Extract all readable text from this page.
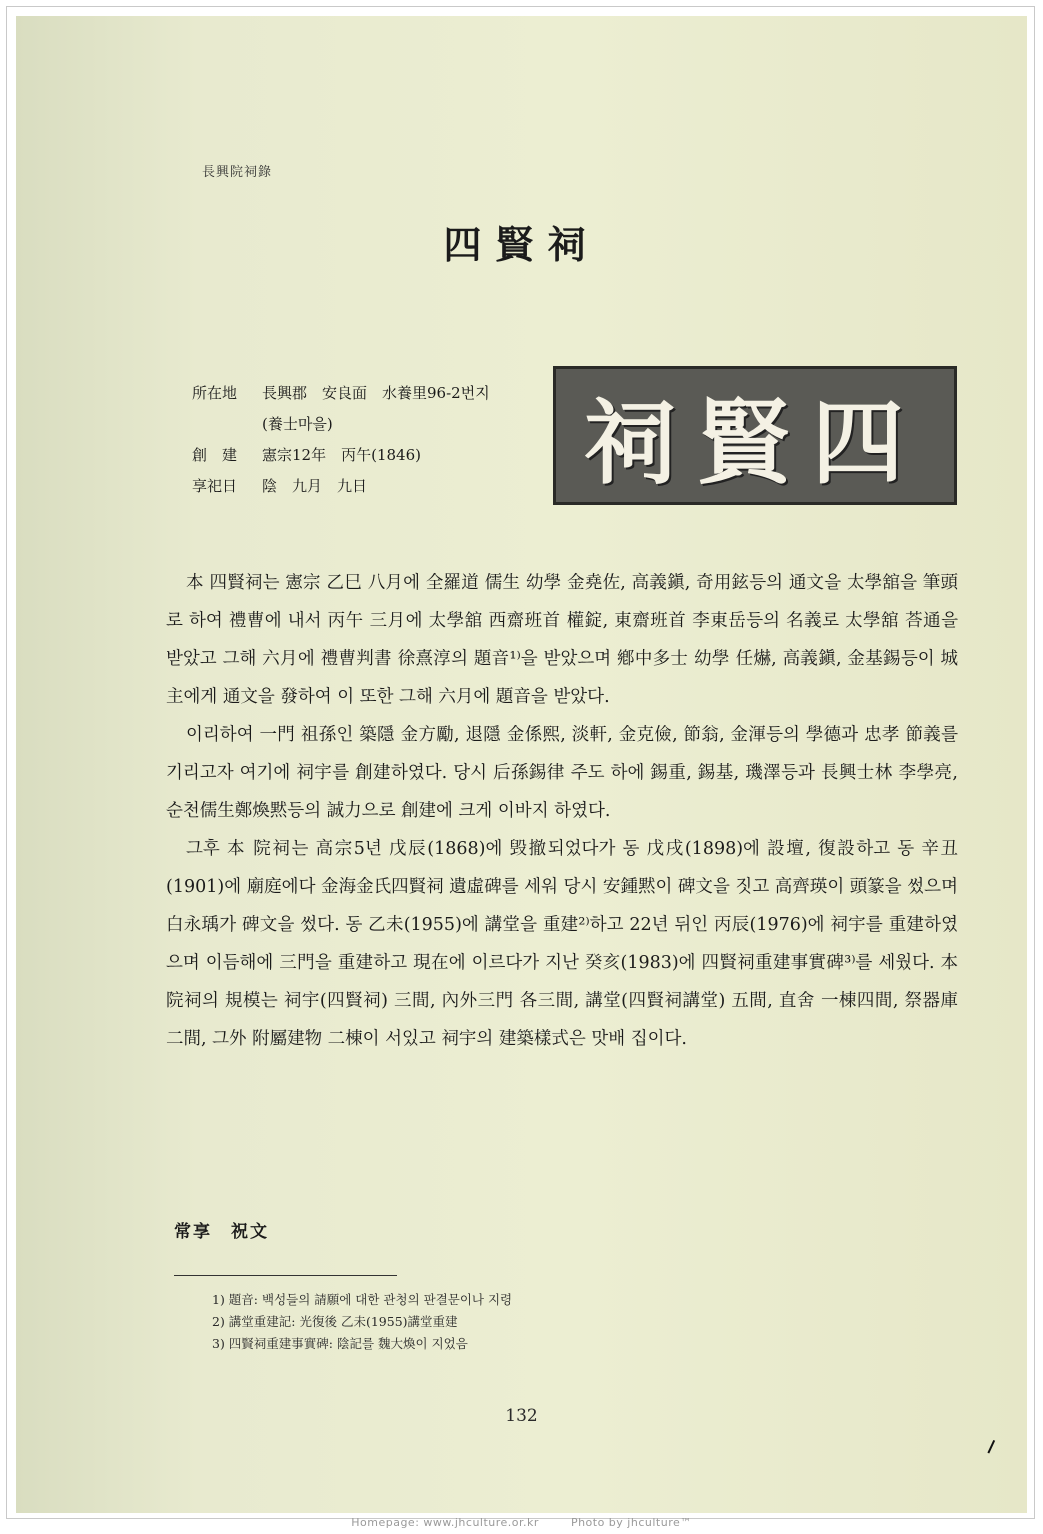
長興院祠錄
四賢祠
所在地 長興郡　安良面　水養里96-2번지
(養士마을)
創　建 憲宗12年　丙午(1846)
享祀日 陰　九月　九日	祠賢四

本 四賢祠는 憲宗 乙巳 八月에 全羅道 儒生 幼學 金堯佐, 高義鎭, 奇用鉉등의 通文을 太學舘을 筆頭로 하여 禮曹에 내서 丙午 三月에 太學舘 西齋班首 權錠, 東齋班首 李東岳등의 名義로 太學舘 荅通을 받았고 그해 六月에 禮曹判書 徐熹淳의 題音¹⁾을 받았으며 鄕中多士 幼學 任爀, 高義鎭, 金基錫등이 城主에게 通文을 發하여 이 또한 그해 六月에 題音을 받았다.

이리하여 一門 祖孫인 築隱 金方勵, 退隱 金係熙, 淡軒, 金克儉, 節翁, 金渾등의 學德과 忠孝 節義를 기리고자 여기에 祠宇를 創建하였다. 당시 后孫錫律 주도 하에 錫重, 錫基, 璣澤등과 長興士林 李學亮,순천儒生鄭煥黙등의 誠力으로 創建에 크게 이바지 하였다.

그후 本 院祠는 高宗5년 戊辰(1868)에 毁撤되었다가 동 戊戌(1898)에 設壇, 復設하고 동 辛丑(1901)에 廟庭에다 金海金氏四賢祠 遺虛碑를 세워 당시 安鍾黙이 碑文을 짓고 高齊瑛이 頭篆을 썼으며 白永瑀가 碑文을 썼다. 동 乙未(1955)에 講堂을 重建²⁾하고 22년 뒤인 丙辰(1976)에 祠宇를 重建하였으며 이듬해에 三門을 重建하고 現在에 이르다가 지난 癸亥(1983)에 四賢祠重建事實碑³⁾를 세웠다. 本 院祠의 規模는 祠宇(四賢祠) 三間, 內外三門 各三間, 講堂(四賢祠講堂) 五間, 直舍 一棟四間, 祭器庫 二間, 그外 附屬建物 二棟이 서있고 祠宇의 建築樣式은 맛배 집이다.

常享　祝文
1) 題音: 백성들의 請願에 대한 관청의 판결문이나 지령
2) 講堂重建記: 光復後 乙未(1955)講堂重建
3) 四賢祠重建事實碑: 陰記를 魏大煥이 지었음
132
Homepage: www.jhculture.or.kr	Photo by jhculture™
